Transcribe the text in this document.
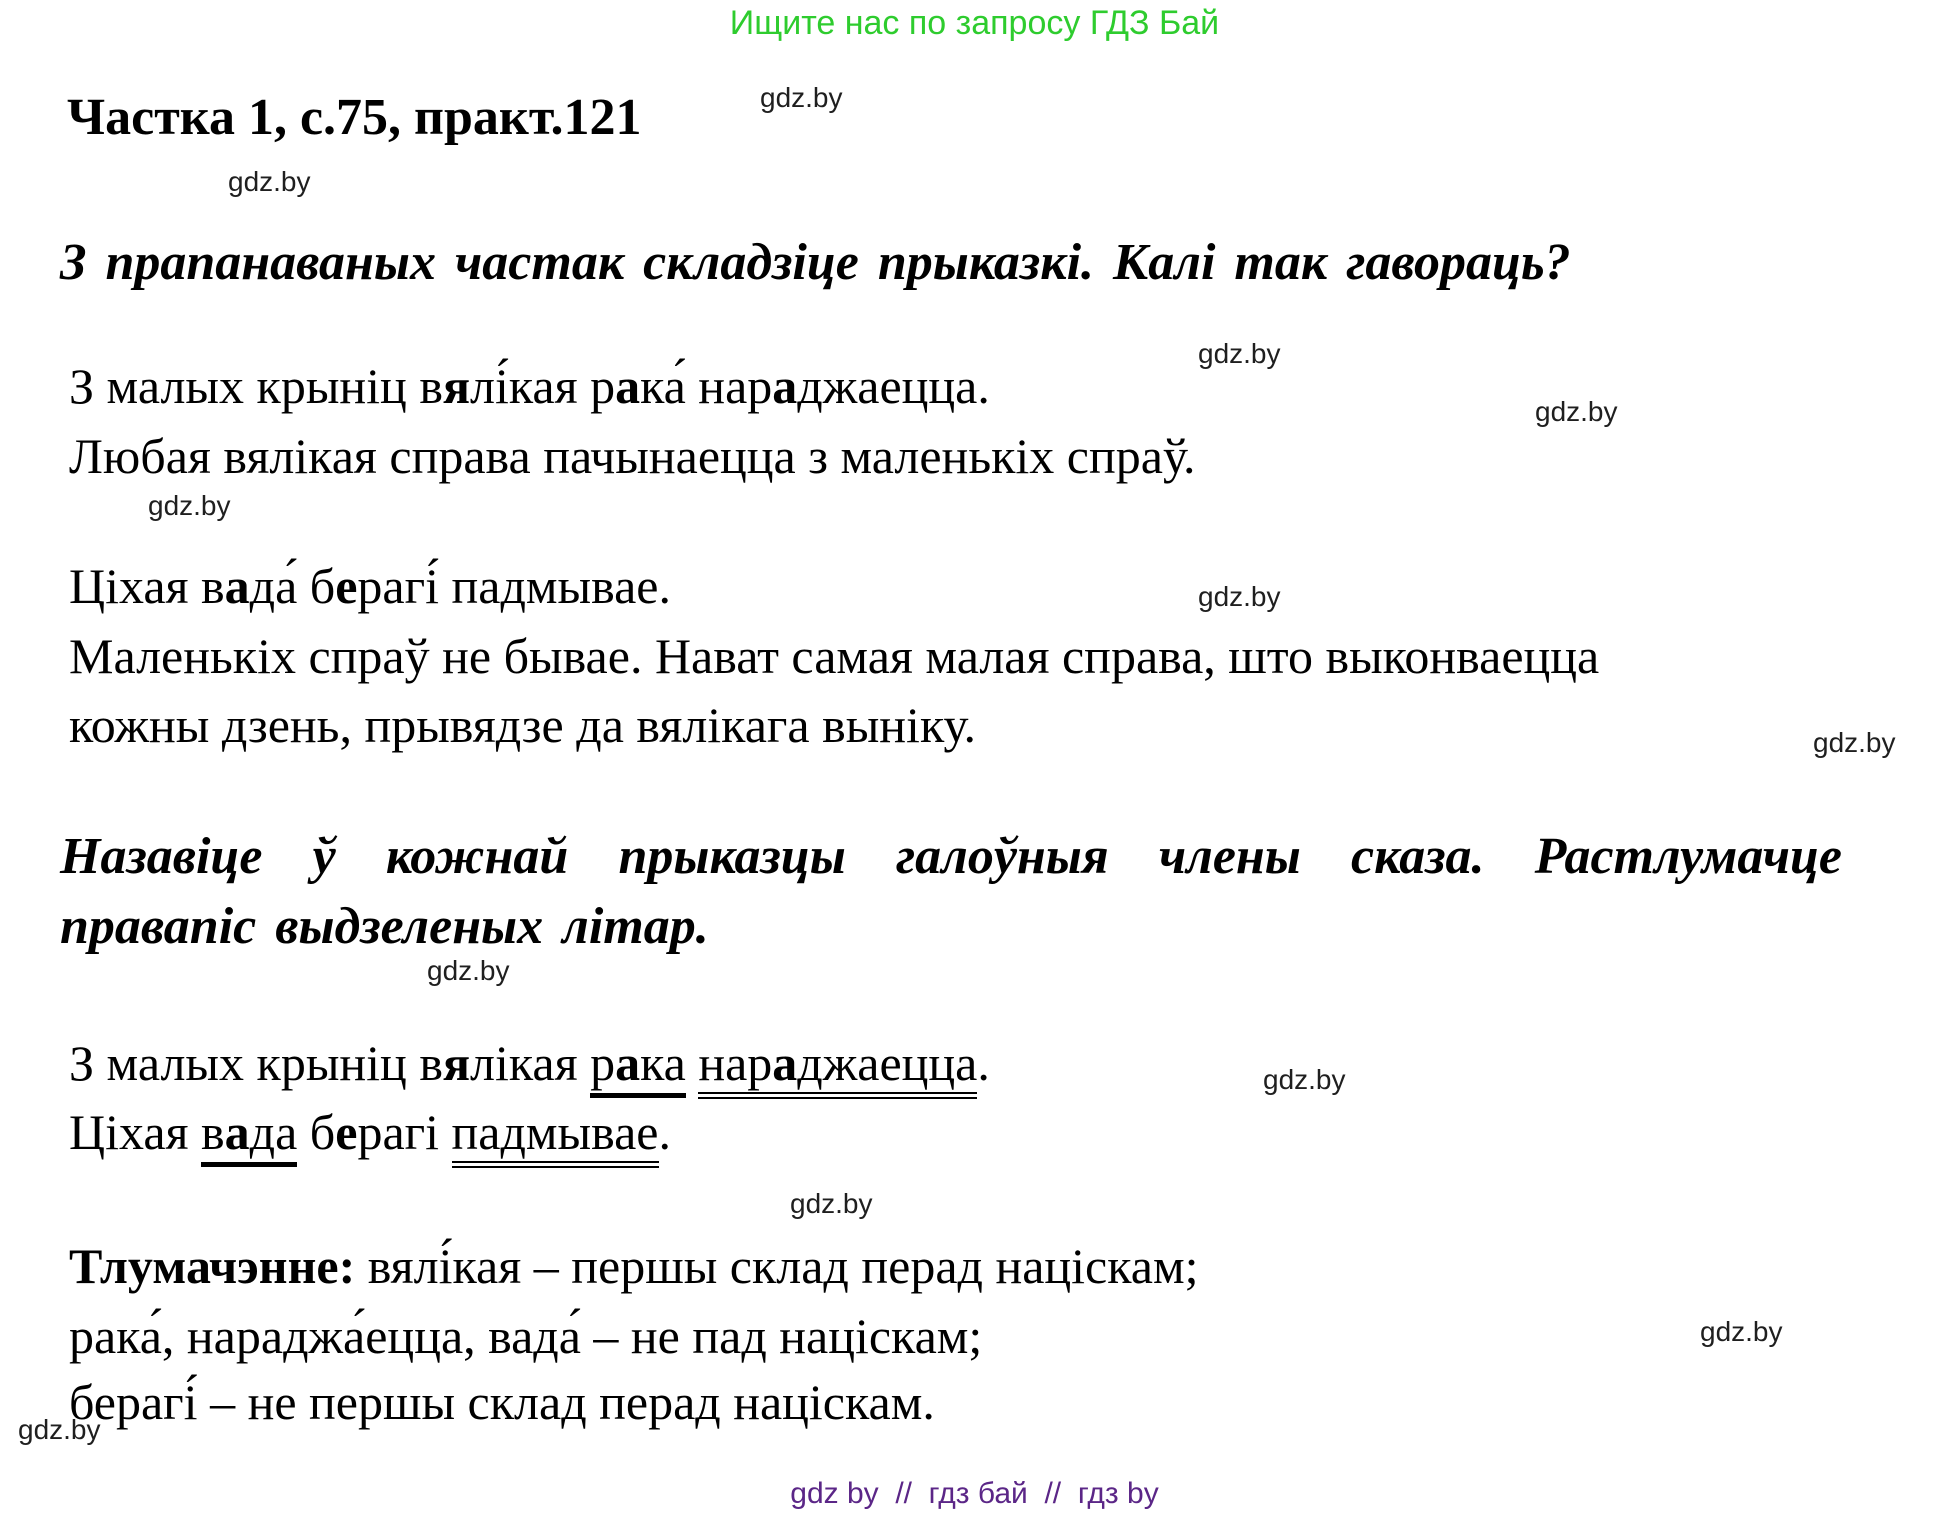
Ищите нас по запросу ГДЗ Бай
Частка 1, с.75, практ.121
З прапанаваных частак складзіце прыказкі. Калі так гавораць?
З малых крыніц вялі́кая рака́ нараджаецца.
Любая вялікая справа пачынаецца з маленькіх спраў.
Ціхая вада́ берагі́ падмывае.
Маленькіх спраў не бывае. Нават самая малая справа, што выконваецца
кожны дзень, прывядзе да вялікага выніку.
Назавіце ў кожнай прыказцы галоўныя члены сказа. Растлумачце
правапіс выдзеленых літар.
З малых крыніц вялікая рака нараджаецца.
Ціхая вада берагі падмывае.
Тлумачэнне: вялі́кая – першы склад перад націскам;
рака́, нараджа́ецца, вада́ – не пад націскам;
берагі́ – не першы склад перад націскам.
gdz.by
gdz.by
gdz.by
gdz.by
gdz.by
gdz.by
gdz.by
gdz.by
gdz.by
gdz.by
gdz.by
gdz.by
gdz by  //  гдз бай  //  гдз by
